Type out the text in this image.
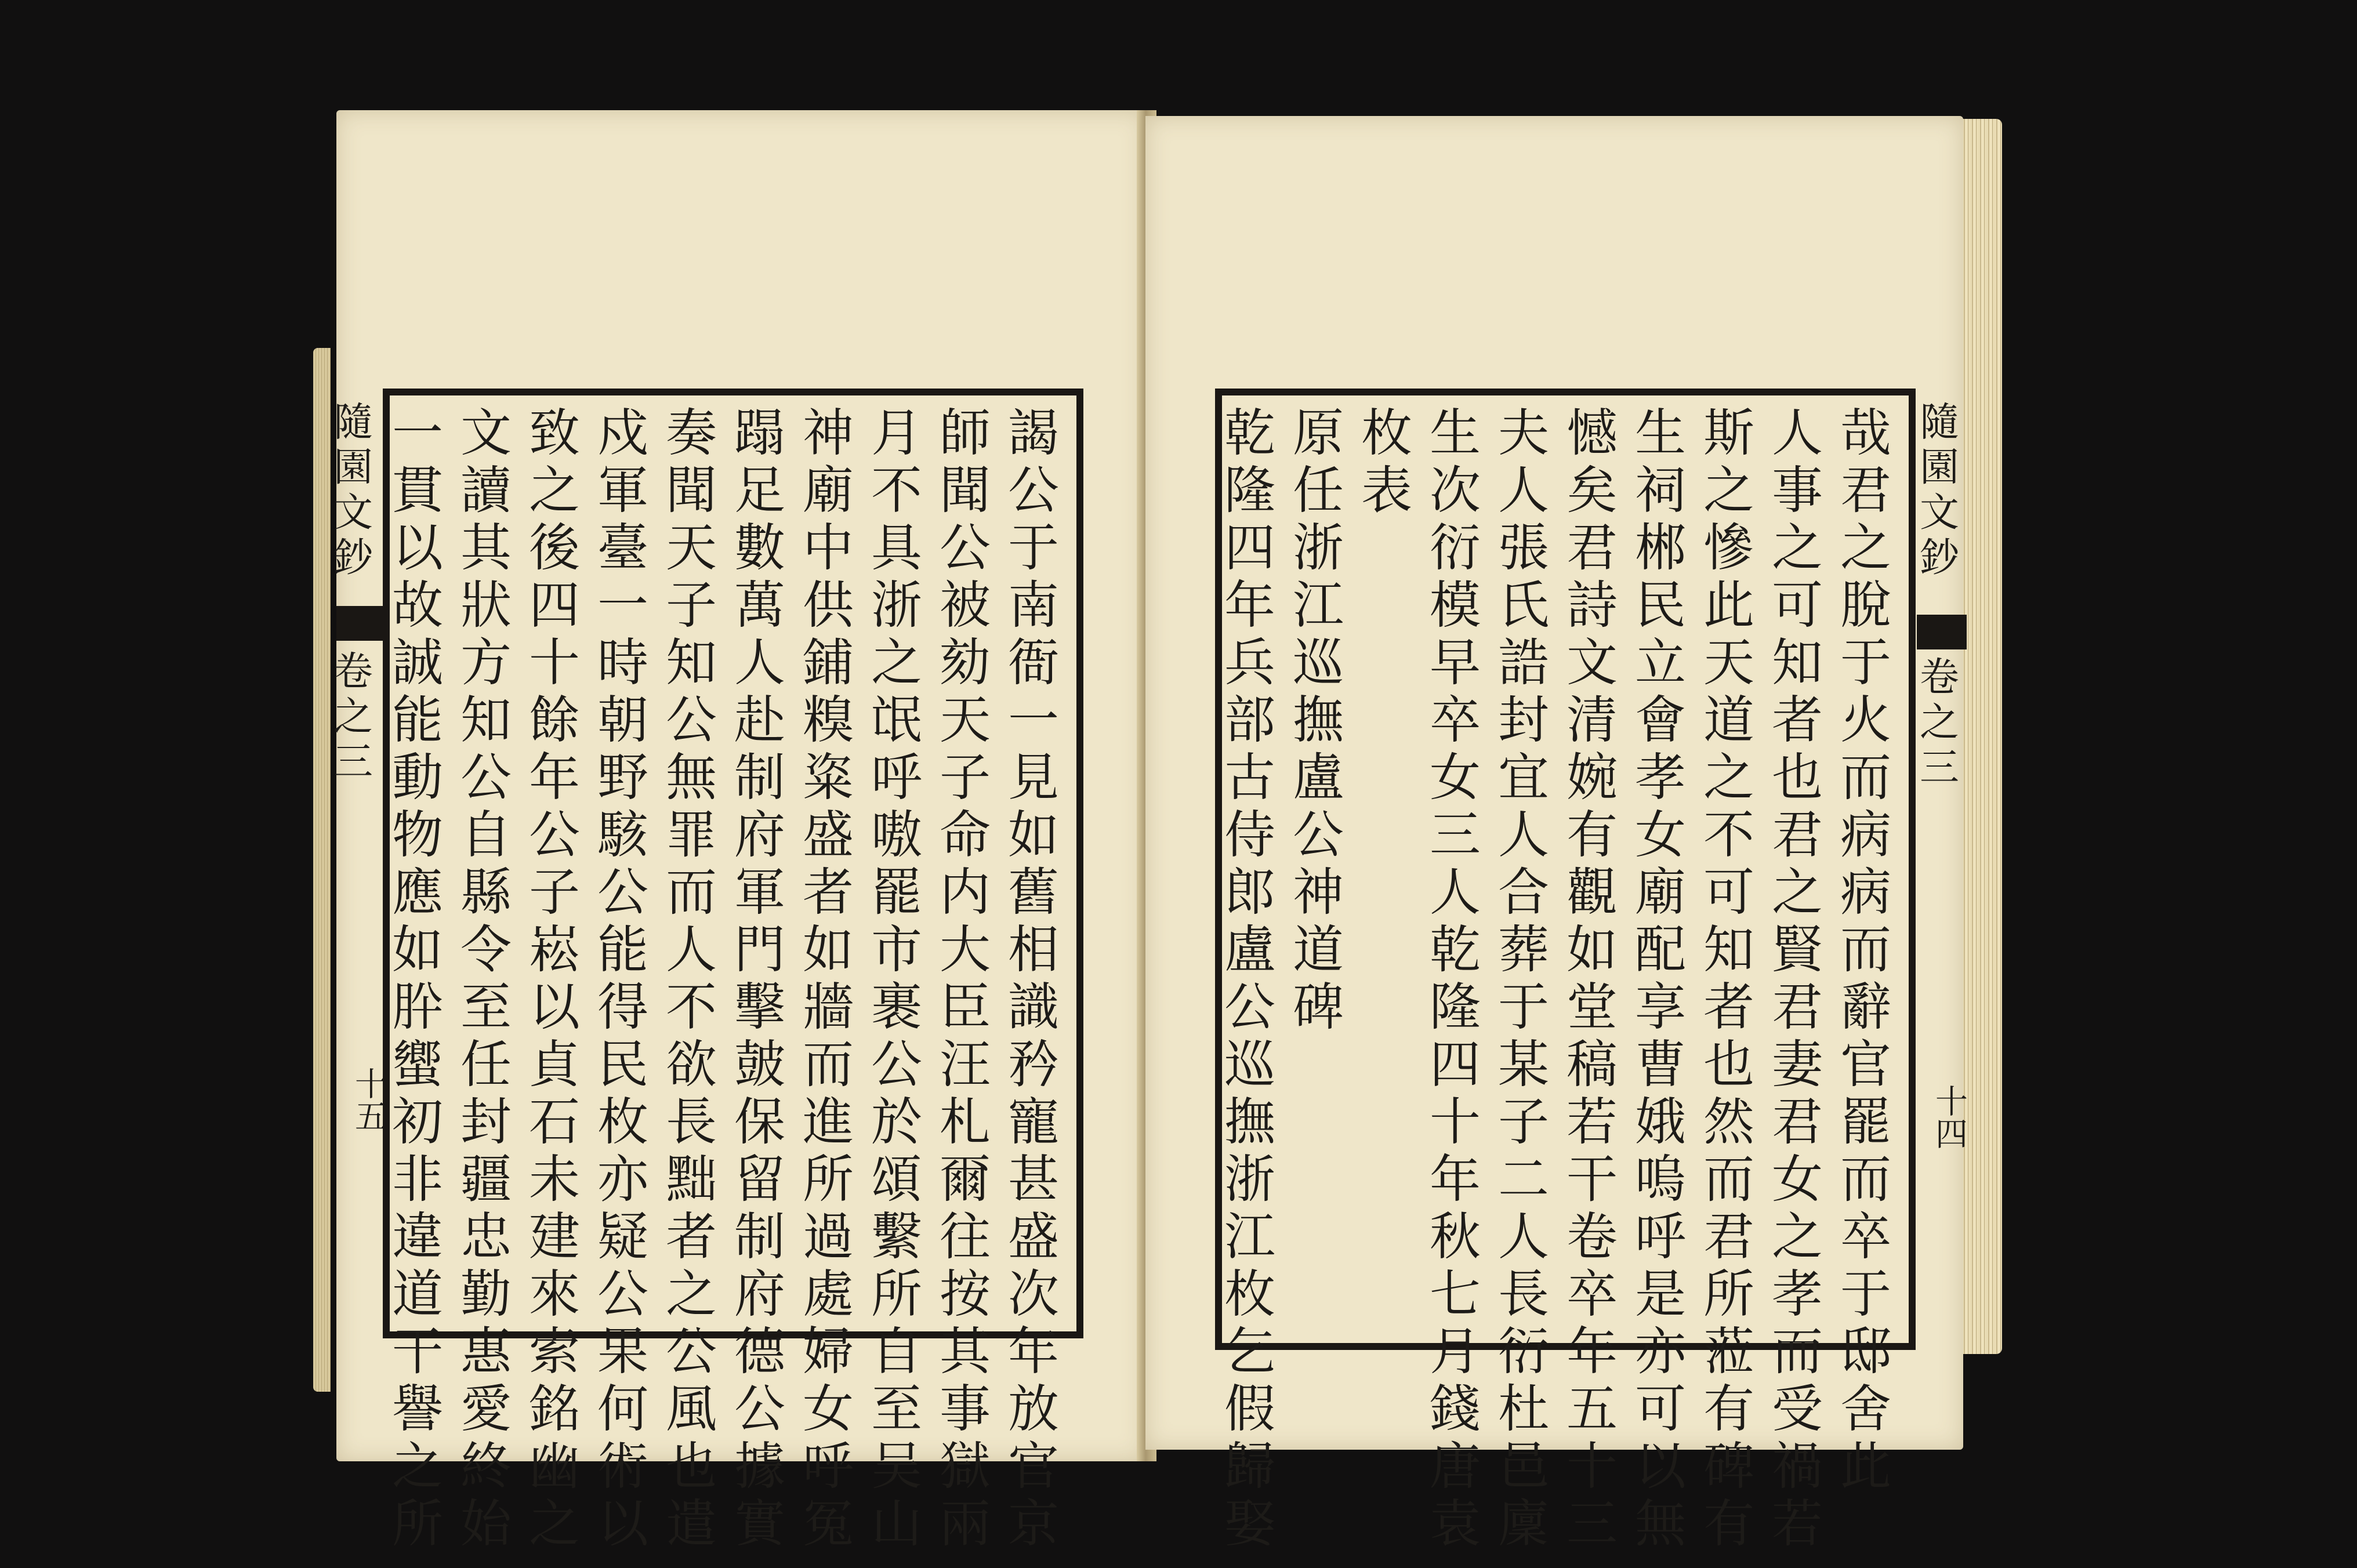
隨園文鈔
卷之三
十五
謁
公
于
南
衙
一
見
如
舊
相
識
矜
寵
甚
盛
次
年
放
官
京
師
聞
公
被
劾
天
子
命
内
大
臣
汪
札
爾
往
按
其
事
獄
兩
月
不
具
浙
之
氓
呼
嗷
罷
市
裹
公
於
頌
繫
所
自
至
吴
山
神
廟
中
供
鋪
糗
粢
盛
者
如
牆
而
進
所
過
處
婦
女
呼
冤
蹋
足
數
萬
人
赴
制
府
軍
門
擊
皷
保
留
制
府
德
公
據
實
奏
聞
天
子
知
公
無
罪
而
人
不
欲
長
黜
者
之
公
風
也
遣
戍
軍
臺
一
時
朝
野
駭
公
能
得
民
枚
亦
疑
公
果
何
術
以
致
之
後
四
十
餘
年
公
子
崧
以
貞
石
未
建
來
索
銘
幽
之
文
讀
其
狀
方
知
公
自
縣
令
至
任
封
疆
忠
勤
惠
愛
終
始
一
貫
以
故
誠
能
動
物
應
如
肸
蠁
初
非
違
道
干
譽
之
所
哉
君
之
脫
于
火
而
病
病
而
辭
官
罷
而
卒
于
邸
舍
此
人
事
之
可
知
者
也
君
之
賢
君
妻
君
女
之
孝
而
受
禍
若
斯
之
慘
此
天
道
之
不
可
知
者
也
然
而
君
所
蒞
有
碑
有
生
祠
郴
民
立
會
孝
女
廟
配
享
曹
娥
嗚
呼
是
亦
可
以
無
憾
矣
君
詩
文
清
婉
有
觀
如
堂
稿
若
干
卷
卒
年
五
十
三
夫
人
張
氏
誥
封
宜
人
合
葬
于
某
子
二
人
長
衍
杜
邑
廩
生
次
衍
模
早
卒
女
三
人
乾
隆
四
十
年
秋
七
月
錢
唐
袁
枚
表
原
任
浙
江
巡
撫
盧
公
神
道
碑
乾
隆
四
年
兵
部
古
侍
郎
盧
公
巡
撫
浙
江
枚
乞
假
歸
娶
隨園文鈔
卷之三
十四
